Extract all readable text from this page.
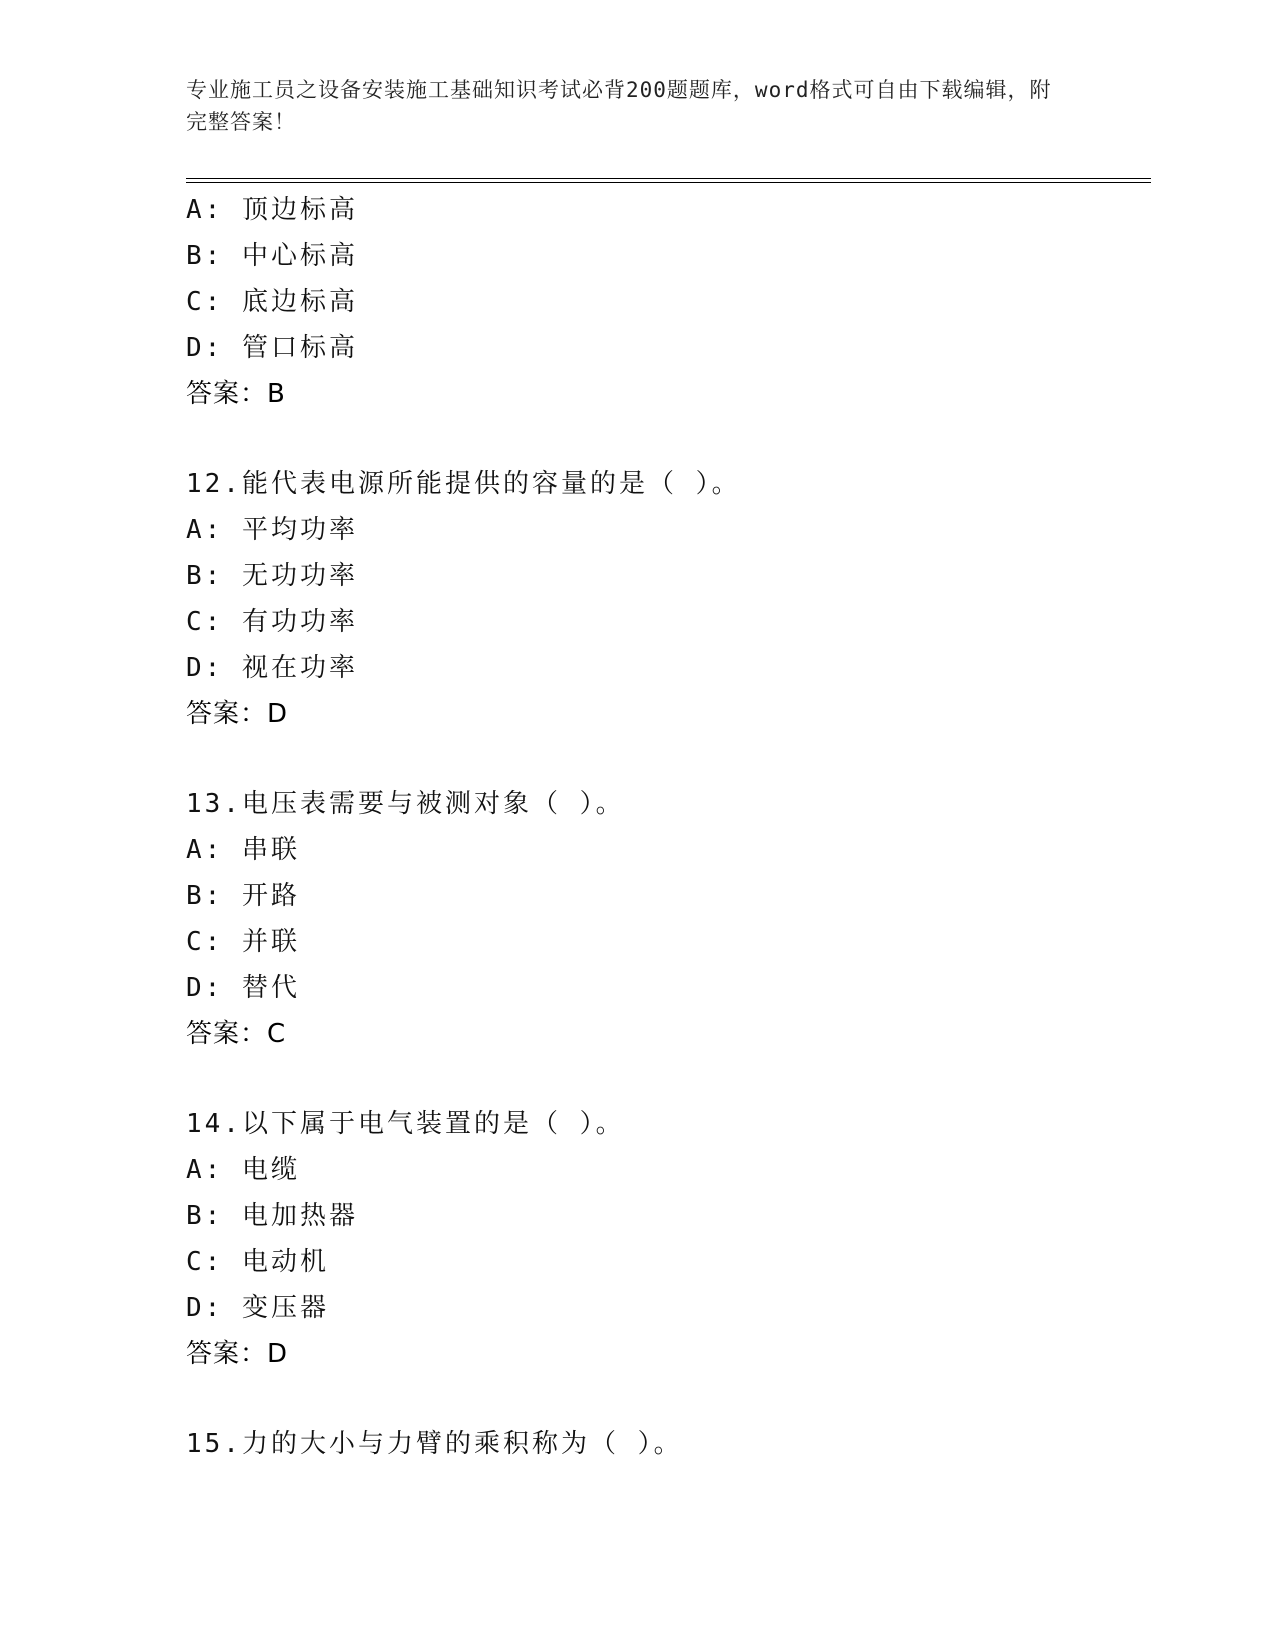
专业施工员之设备安装施工基础知识考试必背200题题库，word格式可自由下载编辑，附完整答案！
A: 顶边标高
B: 中心标高
C: 底边标高
D: 管口标高
答案：B
12.能代表电源所能提供的容量的是（ ）。
A: 平均功率
B: 无功功率
C: 有功功率
D: 视在功率
答案：D
13.电压表需要与被测对象（ ）。
A: 串联
B: 开路
C: 并联
D: 替代
答案：C
14.以下属于电气装置的是（ ）。
A: 电缆
B: 电加热器
C: 电动机
D: 变压器
答案：D
15.力的大小与力臂的乘积称为（ ）。
